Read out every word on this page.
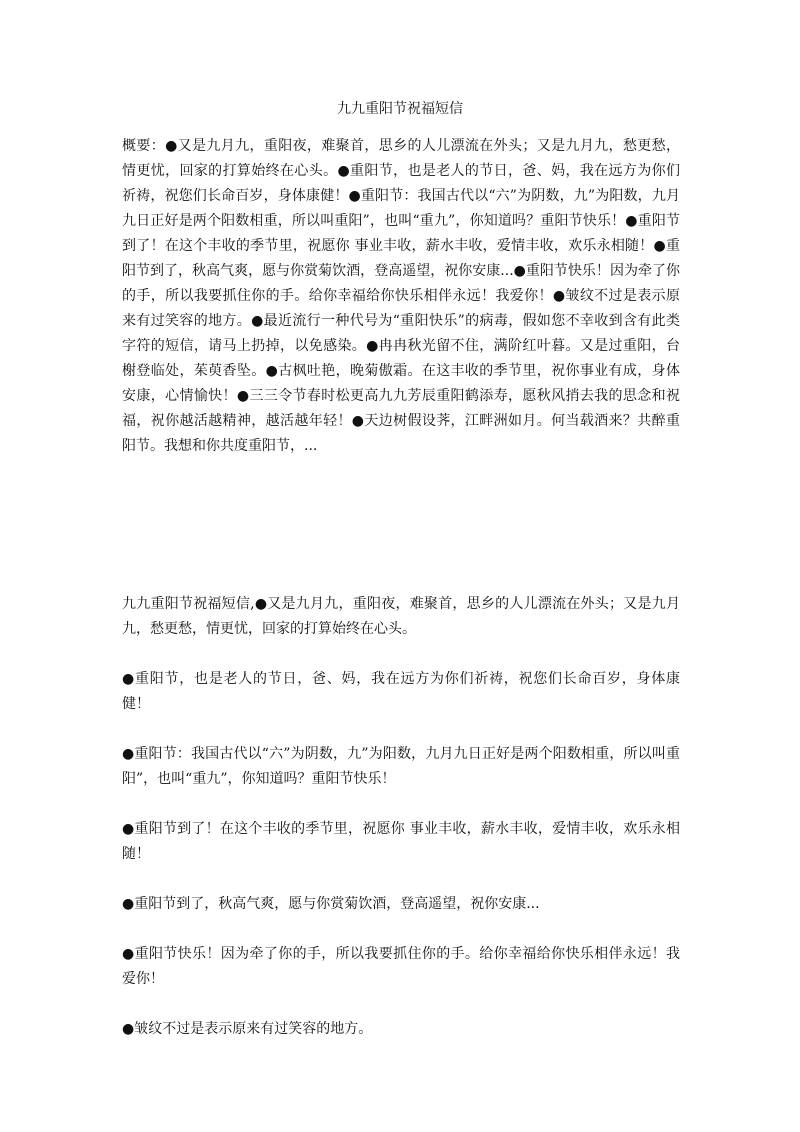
九九重阳节祝福短信
概要：●又是九月九，重阳夜，难聚首，思乡的人儿漂流在外头；又是九月九，愁更愁，情更忧，回家的打算始终在心头。●重阳节，也是老人的节日，爸、妈，我在远方为你们祈祷，祝您们长命百岁，身体康健！●重阳节：我国古代以“六”为阴数，九”为阳数，九月九日正好是两个阳数相重，所以叫重阳”，也叫“重九”，你知道吗？重阳节快乐！●重阳节到了！在这个丰收的季节里，祝愿你 事业丰收，薪水丰收，爱情丰收，欢乐永相随！●重阳节到了，秋高气爽，愿与你赏菊饮酒，登高遥望，祝你安康...●重阳节快乐！因为牵了你的手，所以我要抓住你的手。给你幸福给你快乐相伴永远！我爱你！●皱纹不过是表示原来有过笑容的地方。●最近流行一种代号为“重阳快乐”的病毒，假如您不幸收到含有此类字符的短信，请马上扔掉，以免感染。●冉冉秋光留不住，满阶红叶暮。又是过重阳，台榭登临处，茱萸香坠。●古枫吐艳，晚菊傲霜。在这丰收的季节里，祝你事业有成，身体安康，心情愉快！●三三令节春时松更高九九芳辰重阳鹤添寿，愿秋风捎去我的思念和祝福，祝你越活越精神，越活越年轻！●天边树假设荠，江畔洲如月。何当载酒来？共醉重阳节。我想和你共度重阳节，...

九九重阳节祝福短信,●又是九月九，重阳夜，难聚首，思乡的人儿漂流在外头；又是九月九，愁更愁，情更忧，回家的打算始终在心头。

●重阳节，也是老人的节日，爸、妈，我在远方为你们祈祷，祝您们长命百岁，身体康健！

●重阳节：我国古代以“六”为阴数，九”为阳数，九月九日正好是两个阳数相重，所以叫重阳”，也叫“重九”，你知道吗？重阳节快乐！

●重阳节到了！在这个丰收的季节里，祝愿你 事业丰收，薪水丰收，爱情丰收，欢乐永相随！

●重阳节到了，秋高气爽，愿与你赏菊饮酒，登高遥望，祝你安康...

●重阳节快乐！因为牵了你的手，所以我要抓住你的手。给你幸福给你快乐相伴永远！我爱你！

●皱纹不过是表示原来有过笑容的地方。
